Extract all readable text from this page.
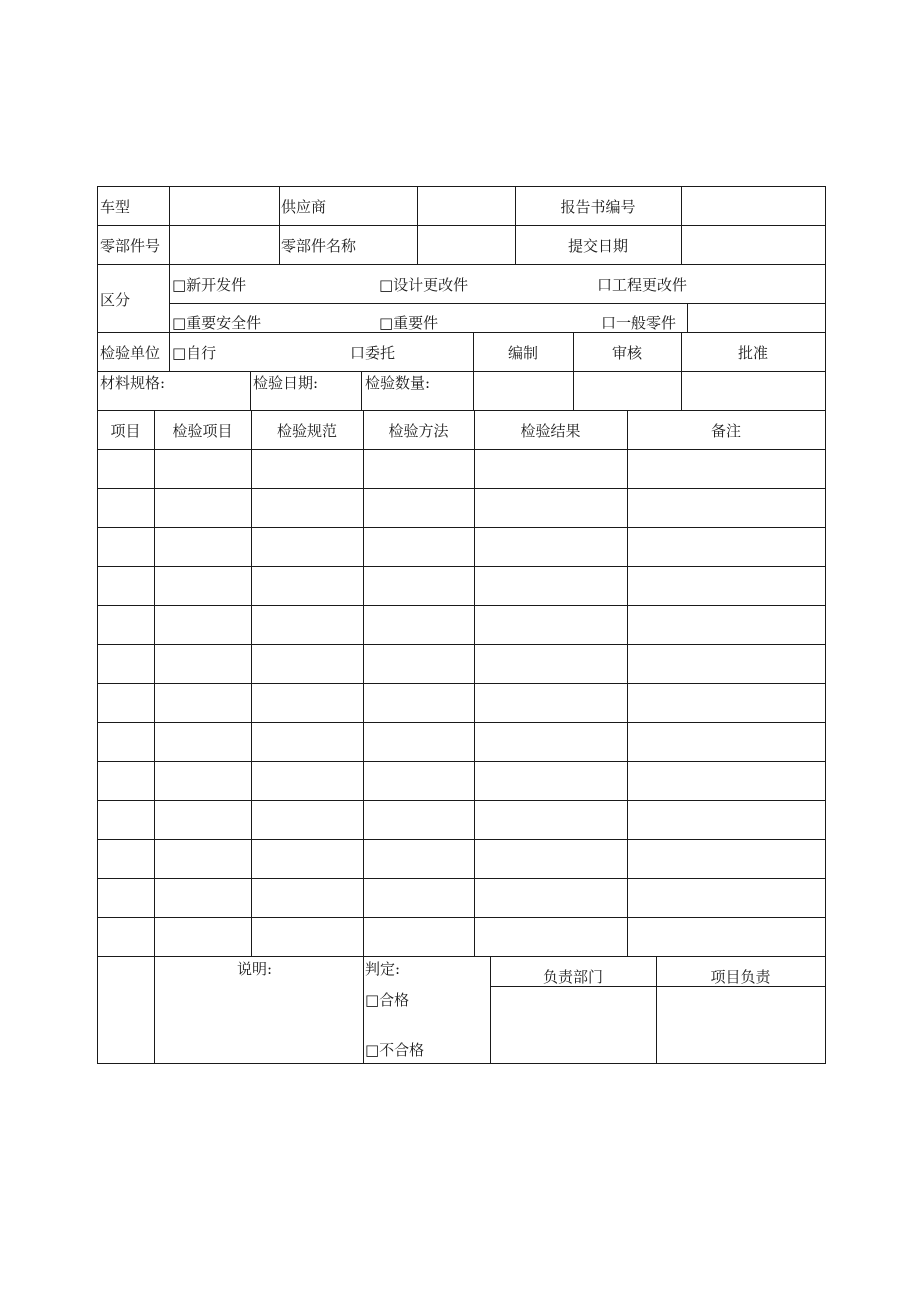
车型	供应商	报告书编号
零部件号	零部件名称	提交日期
区分
□新开发件	□设计更改件	口工程更改件
□重要安全件	□重要件	口一般零件
检验单位 □自行	口委托	编制	审核	批准
材料规格:	检验日期:	检验数量:
项目	检验项目	检验规范	检验方法	检验结果	备注
说明:	判定:
□合格
□不合格
负责部门	项目负责
